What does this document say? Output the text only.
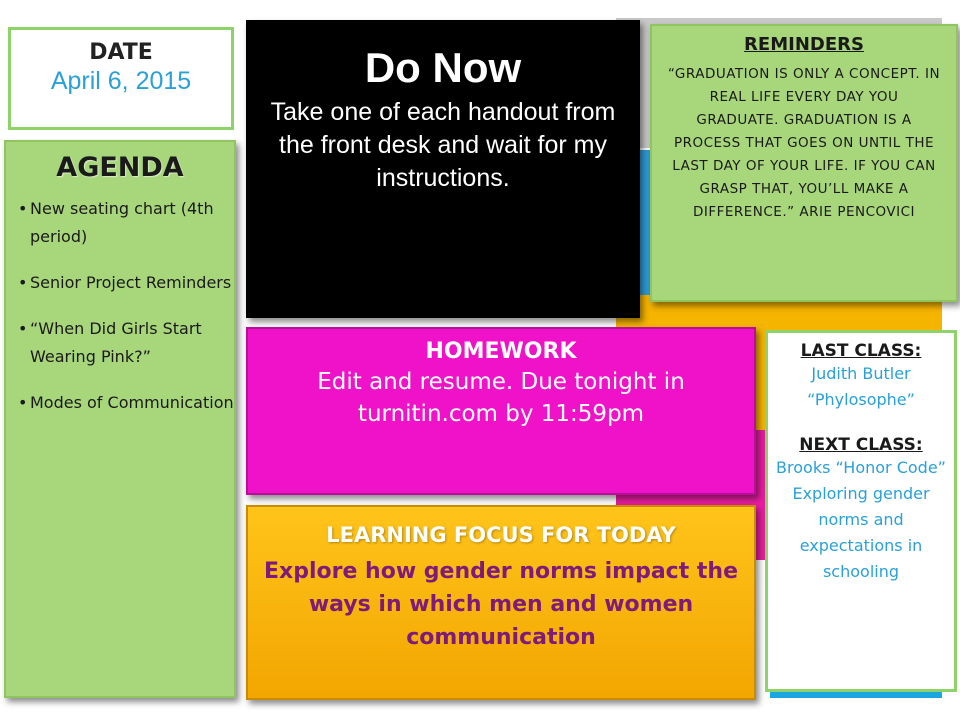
DATE
April 6, 2015
AGENDA
• New seating chart (4th period)
• Senior Project Reminders
• “When Did Girls Start Wearing Pink?”
• Modes of Communication
Do Now
Take one of each handout from the front desk and wait for my instructions.
REMINDERS
“GRADUATION IS ONLY A CONCEPT. IN REAL LIFE EVERY DAY YOU GRADUATE. GRADUATION IS A PROCESS THAT GOES ON UNTIL THE LAST DAY OF YOUR LIFE. IF YOU CAN GRASP THAT, YOU’LL MAKE A DIFFERENCE.” ARIE PENCOVICI
HOMEWORK
Edit and resume. Due tonight in turnitin.com by 11:59pm
LEARNING FOCUS FOR TODAY
Explore how gender norms impact the ways in which men and women communication
LAST CLASS:
Judith Butler “Phylosophe”
NEXT CLASS:
Brooks “Honor Code” Exploring gender norms and expectations in schooling
